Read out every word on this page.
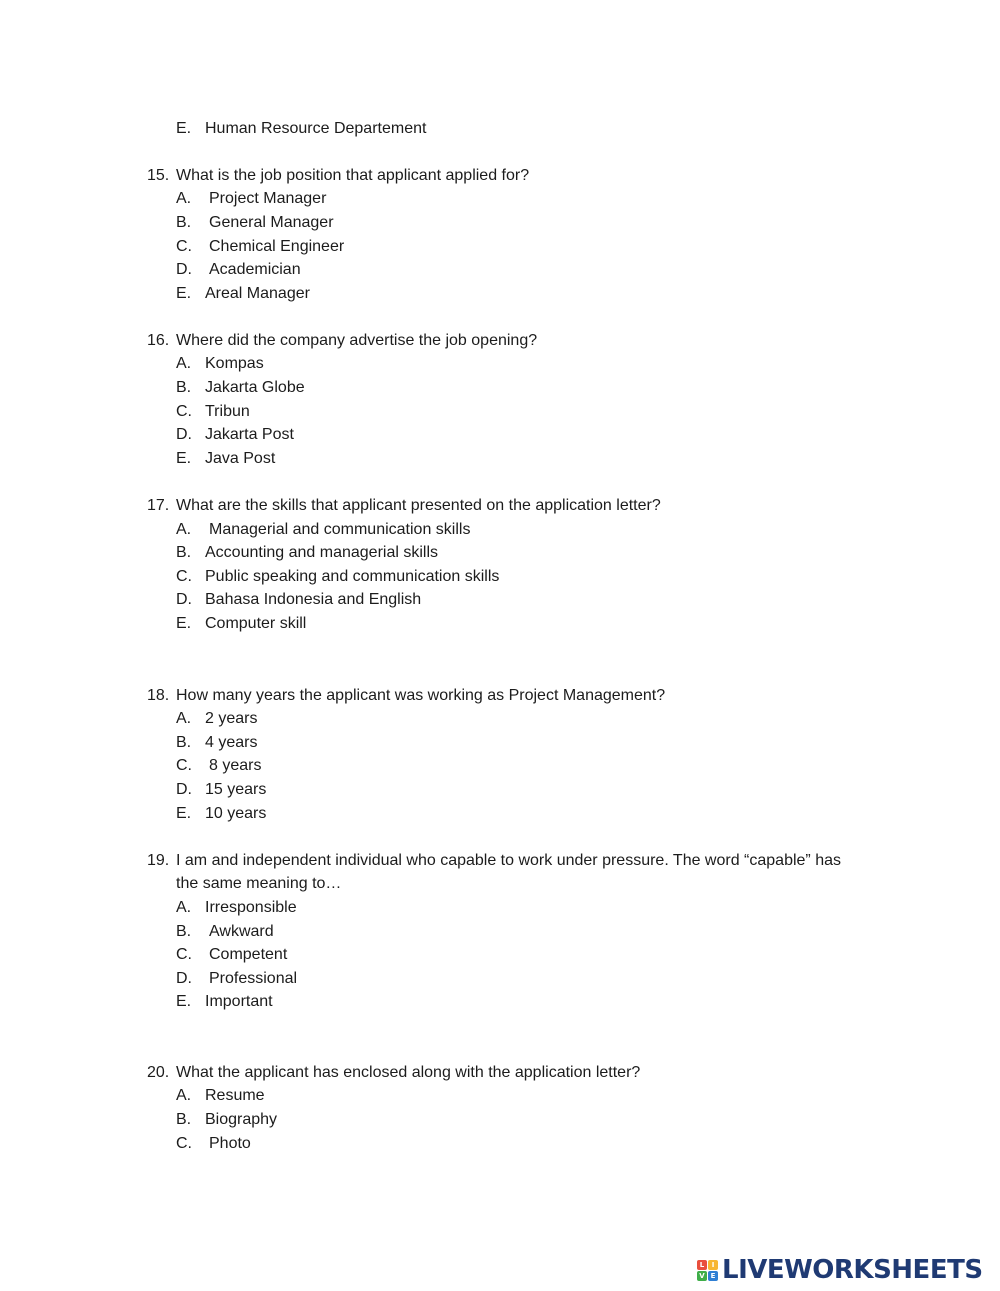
E. Human Resource Departement
15. What is the job position that applicant applied for?
A. Project Manager
B. General Manager
C. Chemical Engineer
D. Academician
E. Areal Manager
16. Where did the company advertise the job opening?
A. Kompas
B. Jakarta Globe
C. Tribun
D. Jakarta Post
E. Java Post
17. What are the skills that applicant presented on the application letter?
A. Managerial and communication skills
B. Accounting and managerial skills
C. Public speaking and communication skills
D. Bahasa Indonesia and English
E. Computer skill
18. How many years the applicant was working as Project Management?
A. 2 years
B. 4 years
C. 8 years
D. 15 years
E. 10 years
19. I am and independent individual who capable to work under pressure. The word “capable” has
the same meaning to…
A. Irresponsible
B. Awkward
C. Competent
D. Professional
E. Important
20. What the applicant has enclosed along with the application letter?
A. Resume
B. Biography
C. Photo
L	I
V E LIVEWORKSHEETS
